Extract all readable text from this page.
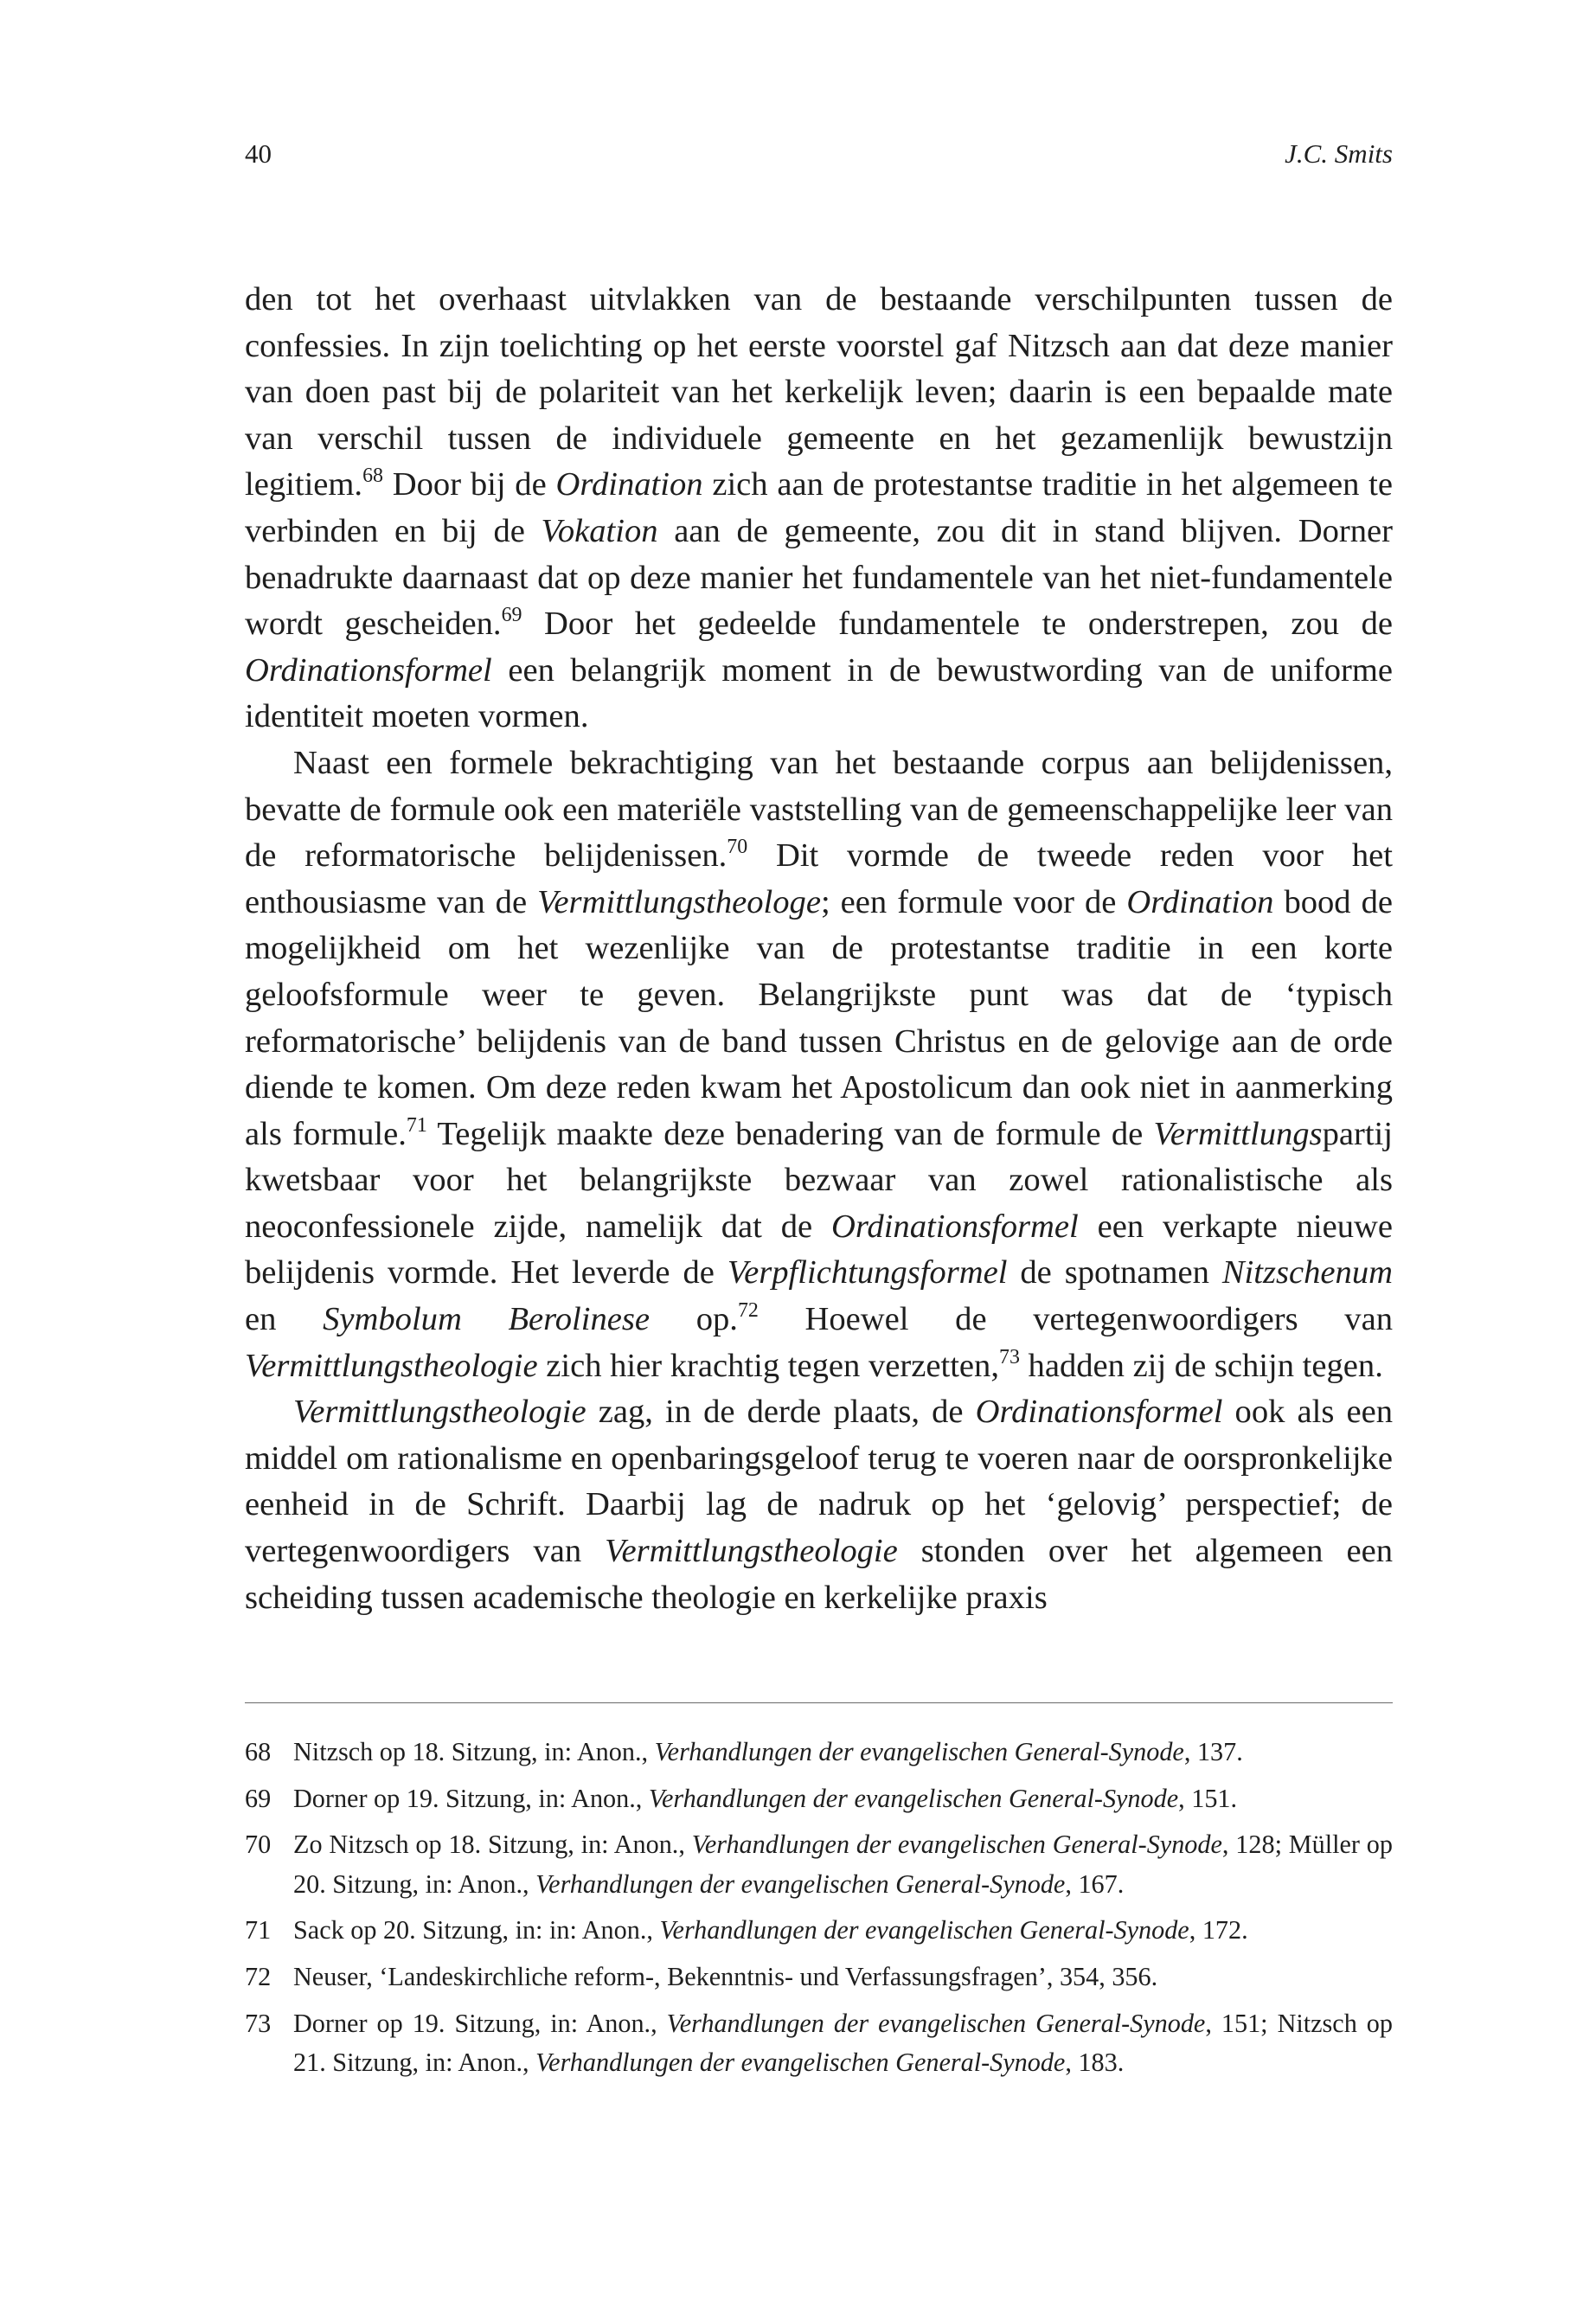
40	J.C. Smits

den tot het overhaast uitvlakken van de bestaande verschilpunten tussen de confessies. In zijn toelichting op het eerste voorstel gaf Nitzsch aan dat deze manier van doen past bij de polariteit van het kerkelijk leven; daarin is een bepaalde mate van verschil tussen de individuele gemeente en het gezamenlijk bewustzijn legitiem.$^{68}$ Door bij de Ordination zich aan de protestantse traditie in het algemeen te verbinden en bij de Vokation aan de gemeente, zou dit in stand blijven. Dorner benadrukte daarnaast dat op deze manier het fundamentele van het niet-fundamentele wordt gescheiden.$^{69}$ Door het gedeelde fundamentele te onderstrepen, zou de Ordinationsformel een belangrijk moment in de bewustwording van de uniforme identiteit moeten vormen.

Naast een formele bekrachtiging van het bestaande corpus aan belijdenissen, bevatte de formule ook een materiële vaststelling van de gemeenschappelijke leer van de reformatorische belijdenissen.$^{70}$ Dit vormde de tweede reden voor het enthousiasme van de Vermittlungstheologe; een formule voor de Ordination bood de mogelijkheid om het wezenlijke van de protestantse traditie in een korte geloofsformule weer te geven. Belangrijkste punt was dat de ‘typisch reformatorische’ belijdenis van de band tussen Christus en de gelovige aan de orde diende te komen. Om deze reden kwam het Apostolicum dan ook niet in aanmerking als formule.$^{71}$ Tegelijk maakte deze benadering van de formule de Vermittlungspartij kwetsbaar voor het belangrijkste bezwaar van zowel rationalistische als neoconfessionele zijde, namelijk dat de Ordinationsformel een verkapte nieuwe belijdenis vormde. Het leverde de Verpflichtungsformel de spotnamen Nitzschenum en Symbolum Berolinese op.$^{72}$ Hoewel de vertegenwoordigers van Vermittlungstheologie zich hier krachtig tegen verzetten,$^{73}$ hadden zij de schijn tegen.

Vermittlungstheologie zag, in de derde plaats, de Ordinationsformel ook als een middel om rationalisme en openbaringsgeloof terug te voeren naar de oorspronkelijke eenheid in de Schrift. Daarbij lag de nadruk op het ‘gelovig’ perspectief; de vertegenwoordigers van Vermittlungstheologie stonden over het algemeen een scheiding tussen academische theologie en kerkelijke praxis

68 Nitzsch op 18. Sitzung, in: Anon., Verhandlungen der evangelischen General-Synode, 137.
69 Dorner op 19. Sitzung, in: Anon., Verhandlungen der evangelischen General-Synode, 151.
70 Zo Nitzsch op 18. Sitzung, in: Anon., Verhandlungen der evangelischen General-Synode, 128; Müller op 20. Sitzung, in: Anon., Verhandlungen der evangelischen General-Synode, 167.
71 Sack op 20. Sitzung, in: in: Anon., Verhandlungen der evangelischen General-Synode, 172.
72 Neuser, ‘Landeskirchliche reform-, Bekenntnis- und Verfassungsfragen’, 354, 356.
73 Dorner op 19. Sitzung, in: Anon., Verhandlungen der evangelischen General-Synode, 151; Nitzsch op 21. Sitzung, in: Anon., Verhandlungen der evangelischen General-Synode, 183.
